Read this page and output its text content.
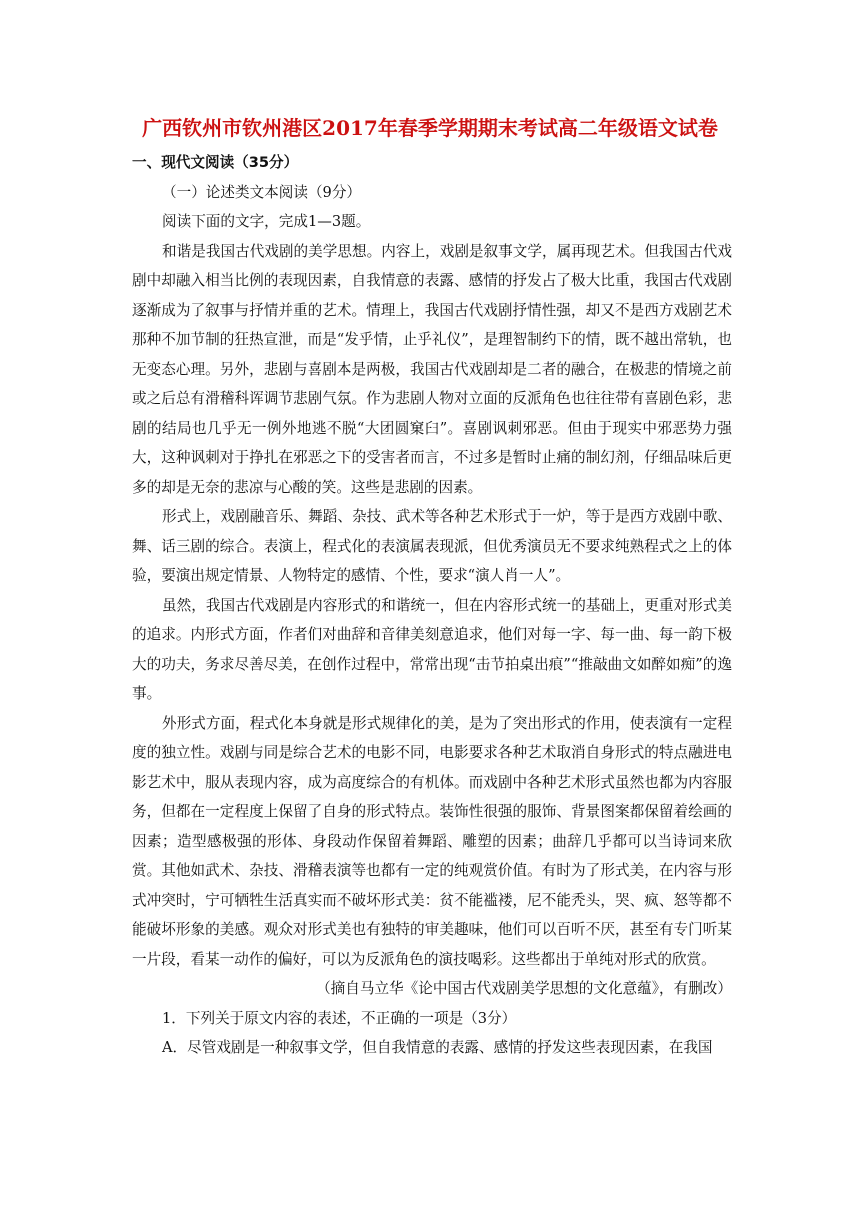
广西钦州市钦州港区2017年春季学期期末考试高二年级语文试卷

一、现代文阅读（35分）

（一）论述类文本阅读（9分）

阅读下面的文字，完成1—3题。

和谐是我国古代戏剧的美学思想。内容上，戏剧是叙事文学，属再现艺术。但我国古代戏剧中却融入相当比例的表现因素，自我情意的表露、感情的抒发占了极大比重，我国古代戏剧逐渐成为了叙事与抒情并重的艺术。情理上，我国古代戏剧抒情性强，却又不是西方戏剧艺术那种不加节制的狂热宣泄，而是“发乎情，止乎礼仪”，是理智制约下的情，既不越出常轨，也无变态心理。另外，悲剧与喜剧本是两极，我国古代戏剧却是二者的融合，在极悲的情境之前或之后总有滑稽科诨调节悲剧气氛。作为悲剧人物对立面的反派角色也往往带有喜剧色彩，悲剧的结局也几乎无一例外地逃不脱“大团圆窠臼”。喜剧讽刺邪恶。但由于现实中邪恶势力强大，这种讽刺对于挣扎在邪恶之下的受害者而言，不过多是暂时止痛的制幻剂，仔细品味后更多的却是无奈的悲凉与心酸的笑。这些是悲剧的因素。

形式上，戏剧融音乐、舞蹈、杂技、武术等各种艺术形式于一炉，等于是西方戏剧中歌、舞、话三剧的综合。表演上，程式化的表演属表现派，但优秀演员无不要求纯熟程式之上的体验，要演出规定情景、人物特定的感情、个性，要求“演人肖一人”。

虽然，我国古代戏剧是内容形式的和谐统一，但在内容形式统一的基础上，更重对形式美的追求。内形式方面，作者们对曲辞和音律美刻意追求，他们对每一字、每一曲、每一韵下极大的功夫，务求尽善尽美，在创作过程中，常常出现“击节拍桌出痕”“推敲曲文如醉如痴”的逸事。

外形式方面，程式化本身就是形式规律化的美，是为了突出形式的作用，使表演有一定程度的独立性。戏剧与同是综合艺术的电影不同，电影要求各种艺术取消自身形式的特点融进电影艺术中，服从表现内容，成为高度综合的有机体。而戏剧中各种艺术形式虽然也都为内容服务，但都在一定程度上保留了自身的形式特点。装饰性很强的服饰、背景图案都保留着绘画的因素；造型感极强的形体、身段动作保留着舞蹈、雕塑的因素；曲辞几乎都可以当诗词来欣赏。其他如武术、杂技、滑稽表演等也都有一定的纯观赏价值。有时为了形式美，在内容与形式冲突时，宁可牺牲生活真实而不破坏形式美：贫不能褴褛，尼不能秃头，哭、疯、怒等都不能破坏形象的美感。观众对形式美也有独特的审美趣味，他们可以百听不厌，甚至有专门听某一片段，看某一动作的偏好，可以为反派角色的演技喝彩。这些都出于单纯对形式的欣赏。

（摘自马立华《论中国古代戏剧美学思想的文化意蕴》，有删改）

1．下列关于原文内容的表述，不正确的一项是（3分）

A．尽管戏剧是一种叙事文学，但自我情意的表露、感情的抒发这些表现因素，在我国
